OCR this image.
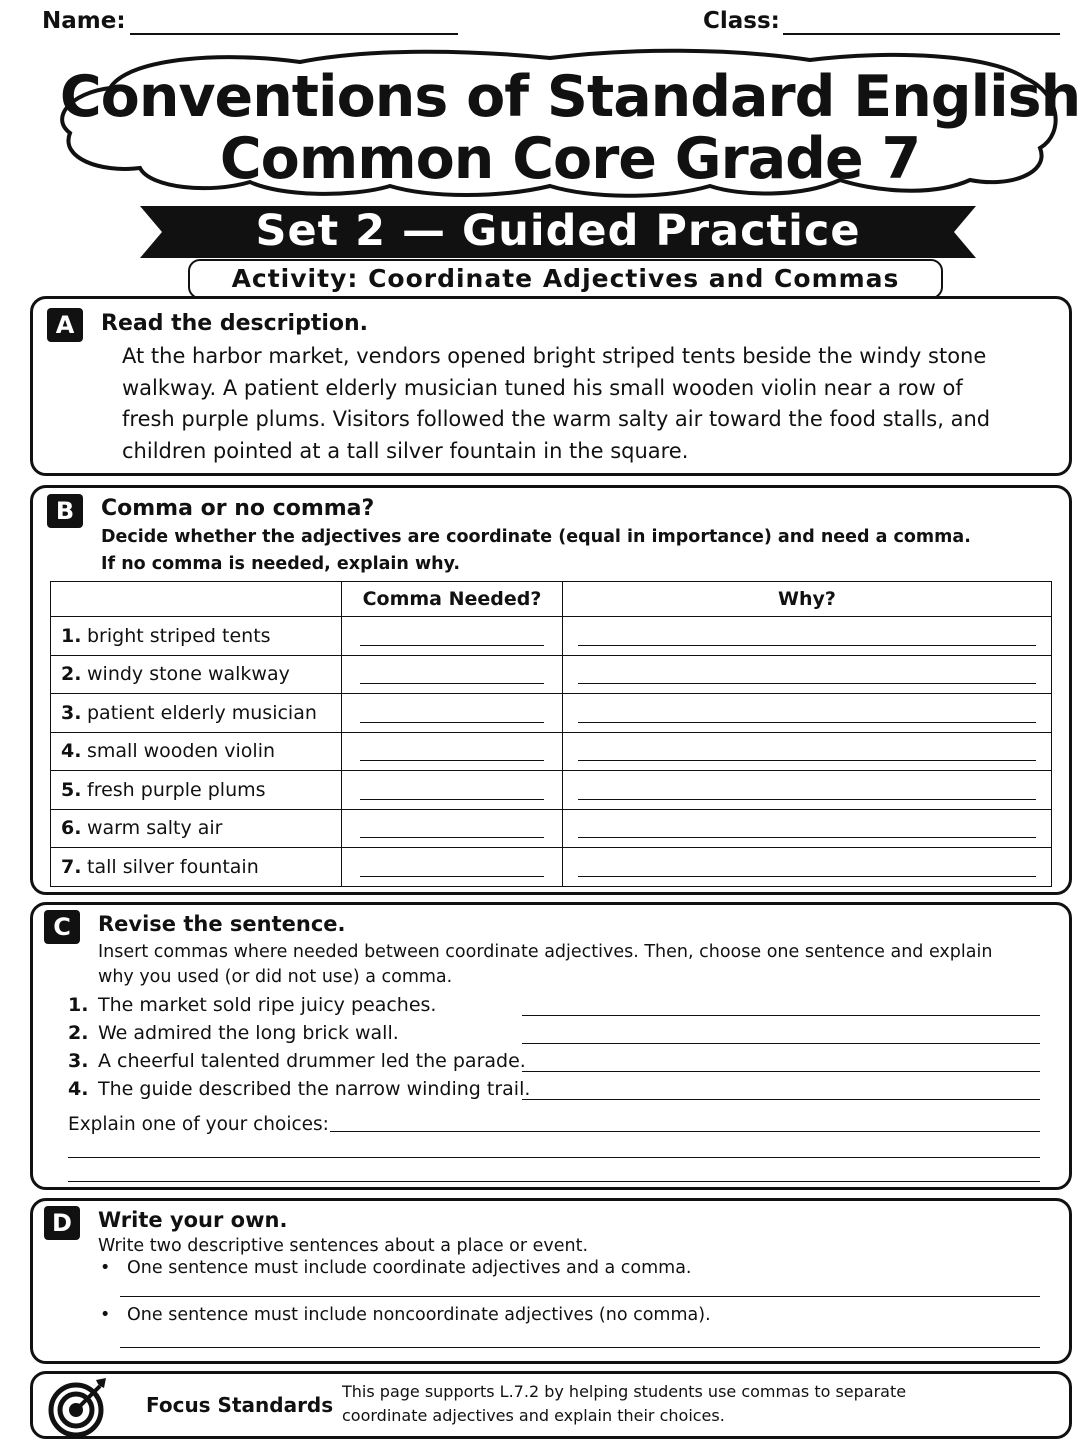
Name:	Class:
Conventions of Standard English
Common Core Grade 7
Set 2 — Guided Practice
Activity: Coordinate Adjectives and Commas
A	Read the description.
At the harbor market, vendors opened bright striped tents beside the windy stone
walkway. A patient elderly musician tuned his small wooden violin near a row of
fresh purple plums. Visitors followed the warm salty air toward the food stalls, and
children pointed at a tall silver fountain in the square.
B	Comma or no comma?
Decide whether the adjectives are coordinate (equal in importance) and need a comma.
If no comma is needed, explain why.
	Comma Needed?	Why?
1. bright striped tents	

2. windy stone walkway	

3. patient elderly musician	

4. small wooden violin	

5. fresh purple plums	

6. warm salty air	

7. tall silver fountain	

C	Revise the sentence.
Insert commas where needed between coordinate adjectives. Then, choose one sentence and explain
why you used (or did not use) a comma.
1. The market sold ripe juicy peaches.
2. We admired the long brick wall.
3. A cheerful talented drummer led the parade.
4. The guide described the narrow winding trail.
Explain one of your choices:
D	Write your own.
Write two descriptive sentences about a place or event.
•   One sentence must include coordinate adjectives and a comma.
•   One sentence must include noncoordinate adjectives (no comma).
Focus Standards
This page supports L.7.2 by helping students use commas to separate
coordinate adjectives and explain their choices.
